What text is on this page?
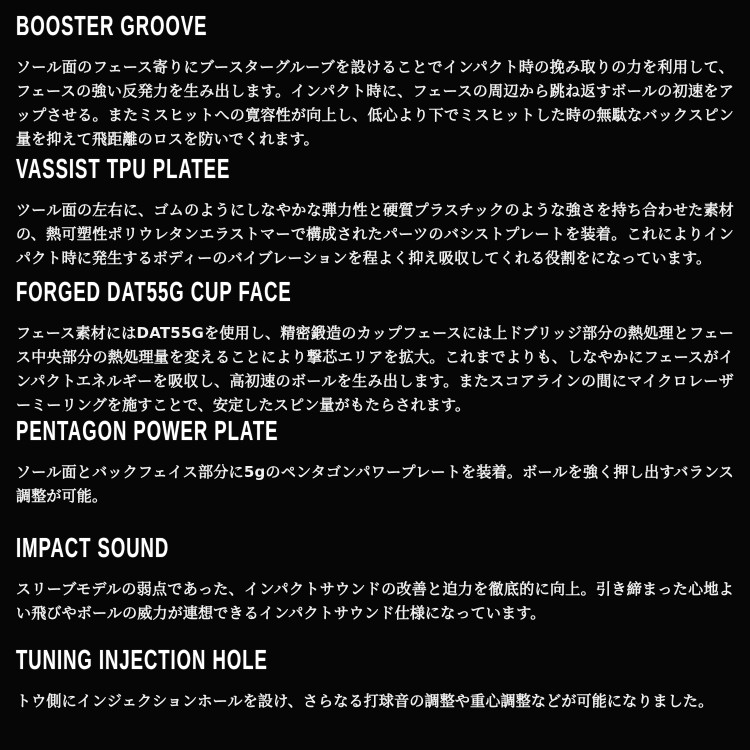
BOOSTER GROOVE

ソール面のフェース寄りにブースターグルーブを設けることでインパクト時の挽み取りの力を利用して、フェースの強い反発力を生み出します。インパクト時に、フェースの周辺から跳ね返すボールの初速をアップさせる。またミスヒットへの寛容性が向上し、低心より下でミスヒットした時の無駄なバックスピン量を抑えて飛距離のロスを防いでくれます。

VASSIST TPU PLATEE

ツール面の左右に、ゴムのようにしなやかな弾力性と硬質プラスチックのような強さを持ち合わせた素材の、熱可塑性ポリウレタンエラストマーで構成されたパーツのバシストプレートを装着。これによりインパクト時に発生するボディーのバイブレーションを程よく抑え吸収してくれる役割をになっています。

FORGED DAT55G CUP FACE

フェース素材にはDAT55Gを使用し、精密鍛造のカップフェースには上ドブリッジ部分の熱処理とフェース中央部分の熱処理量を変えることにより撃芯エリアを拡大。これまでよりも、しなやかにフェースがインパクトエネルギーを吸収し、高初速のボールを生み出します。またスコアラインの間にマイクロレーザーミーリングを施すことで、安定したスピン量がもたらされます。

PENTAGON POWER PLATE

ソール面とバックフェイス部分に5gのペンタゴンパワープレートを装着。ボールを強く押し出すバランス調整が可能。

IMPACT SOUND

スリーブモデルの弱点であった、インパクトサウンドの改善と迫力を徹底的に向上。引き締まった心地よい飛びやボールの威力が連想できるインパクトサウンド仕様になっています。

TUNING INJECTION HOLE

トウ側にインジェクションホールを設け、さらなる打球音の調整や重心調整などが可能になりました。
